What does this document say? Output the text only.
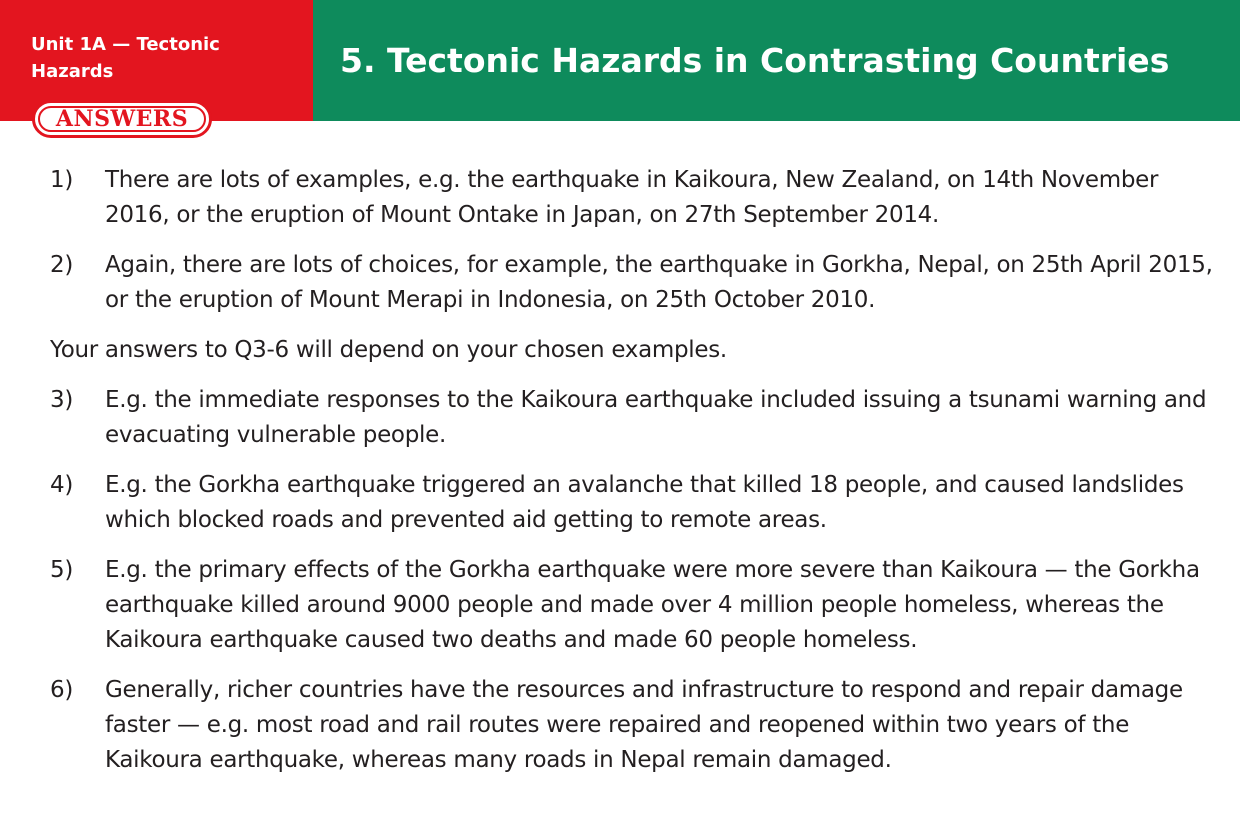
Unit 1A — Tectonic Hazards	5. Tectonic Hazards in Contrasting Countries
ANSWERS
1)	There are lots of examples, e.g. the earthquake in Kaikoura, New Zealand, on 14th November 2016, or the eruption of Mount Ontake in Japan, on 27th September 2014.
2)	Again, there are lots of choices, for example, the earthquake in Gorkha, Nepal, on 25th April 2015, or the eruption of Mount Merapi in Indonesia, on 25th October 2010.
Your answers to Q3-6 will depend on your chosen examples.
3)	E.g. the immediate responses to the Kaikoura earthquake included issuing a tsunami warning and evacuating vulnerable people.
4)	E.g. the Gorkha earthquake triggered an avalanche that killed 18 people, and caused landslides which blocked roads and prevented aid getting to remote areas.
5)	E.g. the primary effects of the Gorkha earthquake were more severe than Kaikoura — the Gorkha earthquake killed around 9000 people and made over 4 million people homeless, whereas the Kaikoura earthquake caused two deaths and made 60 people homeless.
6)	Generally, richer countries have the resources and infrastructure to respond and repair damage faster — e.g. most road and rail routes were repaired and reopened within two years of the Kaikoura earthquake, whereas many roads in Nepal remain damaged.
